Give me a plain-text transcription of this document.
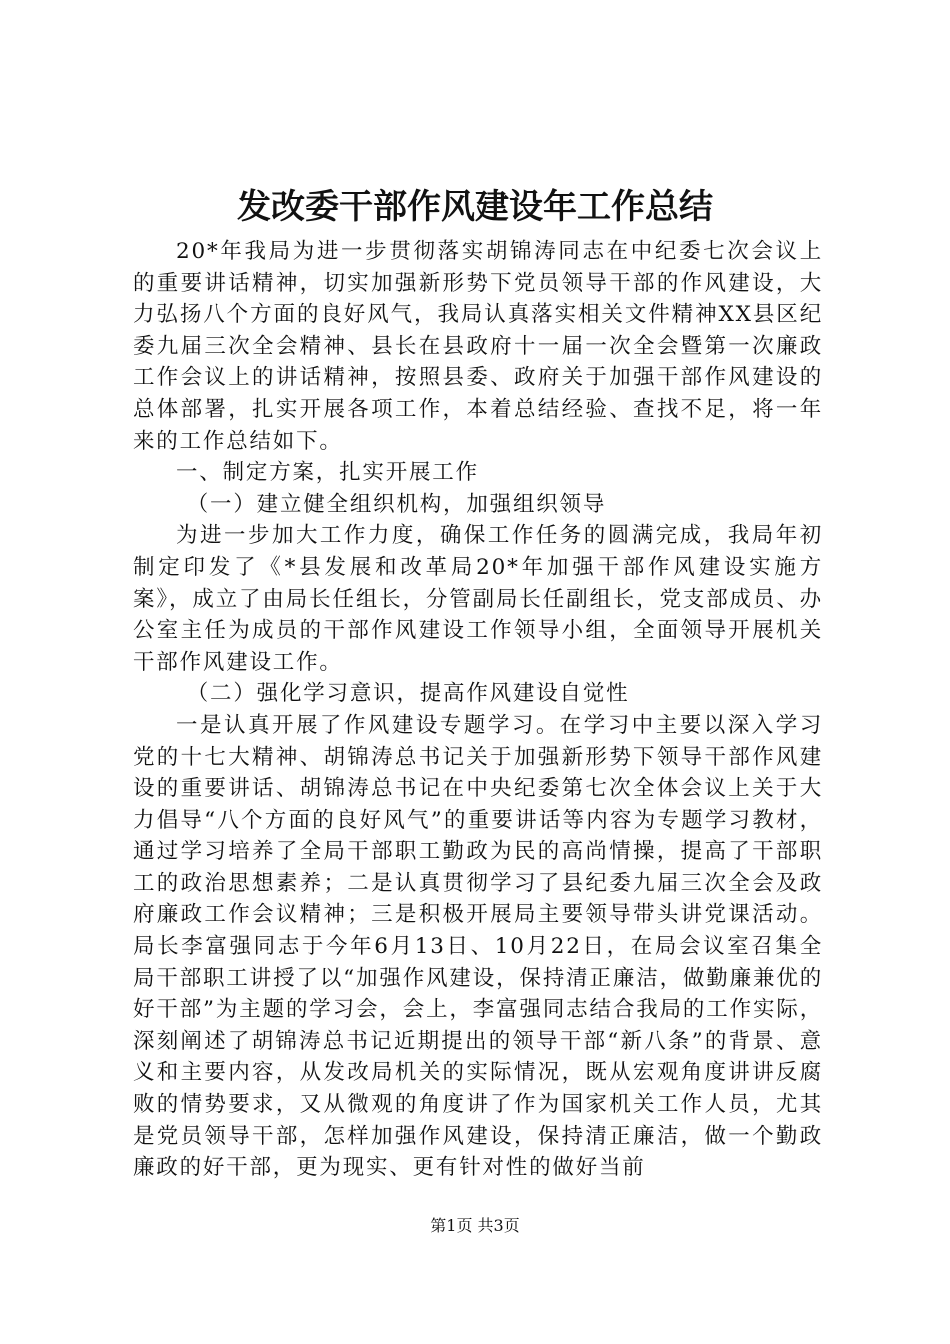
发改委干部作风建设年工作总结

20*年我局为进一步贯彻落实胡锦涛同志在中纪委七次会议上的重要讲话精神，切实加强新形势下党员领导干部的作风建设，大力弘扬八个方面的良好风气，我局认真落实相关文件精神XX县区纪委九届三次全会精神、县长在县政府十一届一次全会暨第一次廉政工作会议上的讲话精神，按照县委、政府关于加强干部作风建设的总体部署，扎实开展各项工作，本着总结经验、查找不足，将一年来的工作总结如下。

一、制定方案，扎实开展工作

（一）建立健全组织机构，加强组织领导

为进一步加大工作力度，确保工作任务的圆满完成，我局年初制定印发了《*县发展和改革局20*年加强干部作风建设实施方案》，成立了由局长任组长，分管副局长任副组长，党支部成员、办公室主任为成员的干部作风建设工作领导小组，全面领导开展机关干部作风建设工作。

（二）强化学习意识，提高作风建设自觉性

一是认真开展了作风建设专题学习。在学习中主要以深入学习党的十七大精神、胡锦涛总书记关于加强新形势下领导干部作风建设的重要讲话、胡锦涛总书记在中央纪委第七次全体会议上关于大力倡导“八个方面的良好风气”的重要讲话等内容为专题学习教材，通过学习培养了全局干部职工勤政为民的高尚情操，提高了干部职工的政治思想素养；二是认真贯彻学习了县纪委九届三次全会及政府廉政工作会议精神；三是积极开展局主要领导带头讲党课活动。局长李富强同志于今年6月13日、10月22日，在局会议室召集全局干部职工讲授了以“加强作风建设，保持清正廉洁，做勤廉兼优的好干部”为主题的学习会，会上，李富强同志结合我局的工作实际，深刻阐述了胡锦涛总书记近期提出的领导干部“新八条”的背景、意义和主要内容，从发改局机关的实际情况，既从宏观角度讲讲反腐败的情势要求，又从微观的角度讲了作为国家机关工作人员，尤其是党员领导干部，怎样加强作风建设，保持清正廉洁，做一个勤政廉政的好干部，更为现实、更有针对性的做好当前

第1页 共3页
